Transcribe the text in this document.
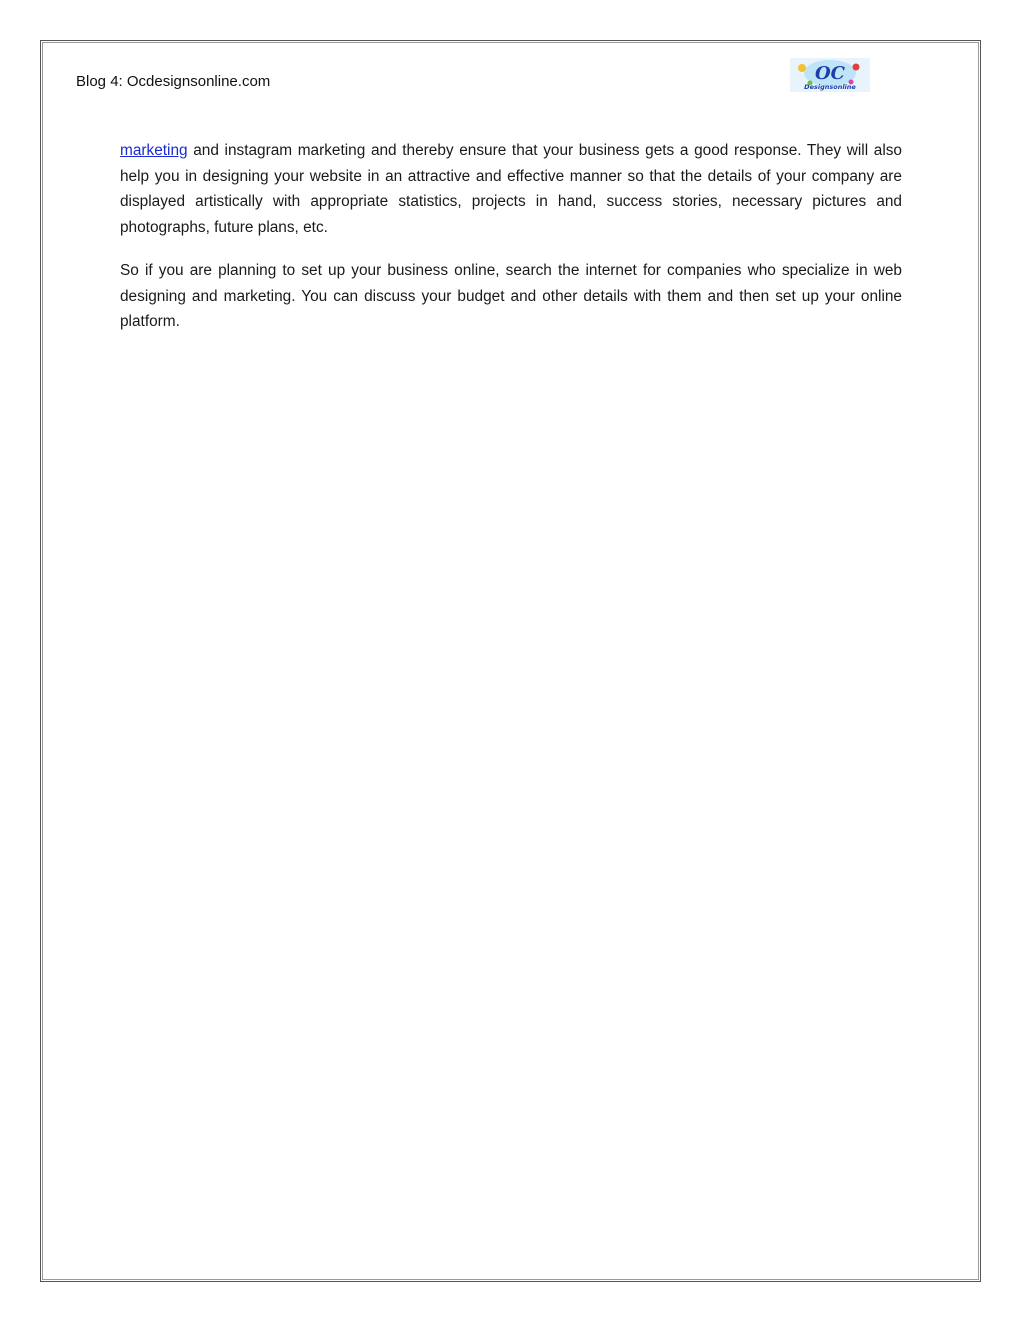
Blog 4: Ocdesignsonline.com	OC
Designsonline

marketing and instagram marketing and thereby ensure that your business gets a good response. They will also help you in designing your website in an attractive and effective manner so that the details of your company are displayed artistically with appropriate statistics, projects in hand, success stories, necessary pictures and photographs, future plans, etc.

So if you are planning to set up your business online, search the internet for companies who specialize in web designing and marketing. You can discuss your budget and other details with them and then set up your online platform.
